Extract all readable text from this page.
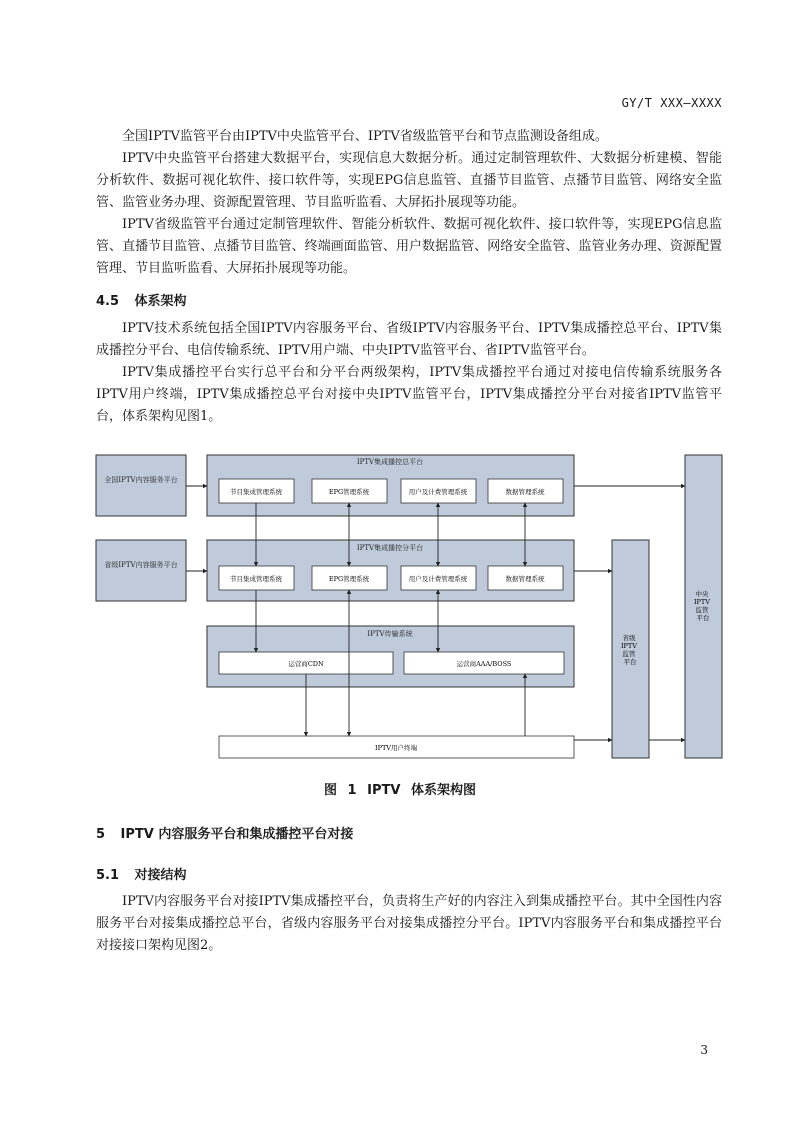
GY/T XXX—XXXX

全国IPTV监管平台由IPTV中央监管平台、IPTV省级监管平台和节点监测设备组成。

IPTV中央监管平台搭建大数据平台，实现信息大数据分析。通过定制管理软件、大数据分析建模、智能分析软件、数据可视化软件、接口软件等，实现EPG信息监管、直播节目监管、点播节目监管、网络安全监管、监管业务办理、资源配置管理、节目监听监看、大屏拓扑展现等功能。

IPTV省级监管平台通过定制管理软件、智能分析软件、数据可视化软件、接口软件等，实现EPG信息监管、直播节目监管、点播节目监管、终端画面监管、用户数据监管、网络安全监管、监管业务办理、资源配置管理、节目监听监看、大屏拓扑展现等功能。

4.5 体系架构

IPTV技术系统包括全国IPTV内容服务平台、省级IPTV内容服务平台、IPTV集成播控总平台、IPTV集成播控分平台、电信传输系统、IPTV用户端、中央IPTV监管平台、省IPTV监管平台。

IPTV集成播控平台实行总平台和分平台两级架构，IPTV集成播控平台通过对接电信传输系统服务各IPTV用户终端，IPTV集成播控总平台对接中央IPTV监管平台，IPTV集成播控分平台对接省IPTV监管平台，体系架构见图1。

全国IPTV内容服务平台
省级IPTV内容服务平台
IPTV集成播控总平台
节目集成管理系统	EPG管理系统	用户及计费管理系统	数据管理系统
IPTV集成播控分平台
节目集成管理系统	EPG管理系统	用户及计费管理系统	数据管理系统
IPTV传输系统
运营商CDN	运营商AAA/BOSS
IPTV用户终端
省级 IPTV 监管 平台
中央 IPTV 监管 平台
图 1 IPTV 体系架构图
5 IPTV 内容服务平台和集成播控平台对接
5.1 对接结构

IPTV内容服务平台对接IPTV集成播控平台，负责将生产好的内容注入到集成播控平台。其中全国性内容服务平台对接集成播控总平台，省级内容服务平台对接集成播控分平台。IPTV内容服务平台和集成播控平台对接接口架构见图2。

3
